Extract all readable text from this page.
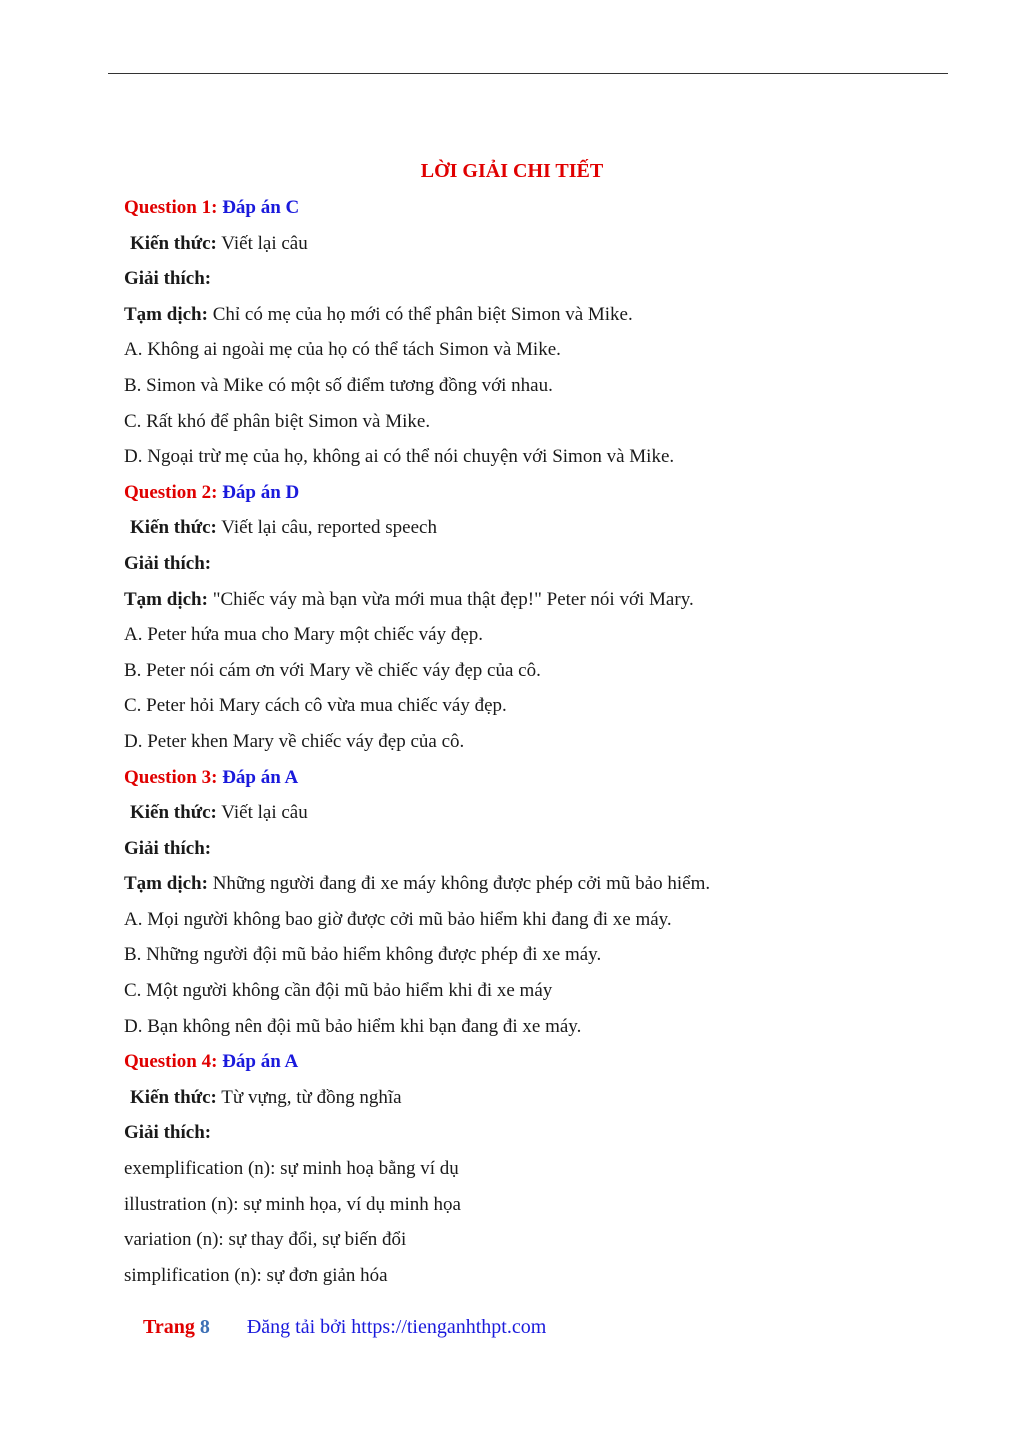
LỜI GIẢI CHI TIẾT
Question 1: Đáp án C
Kiến thức: Viết lại câu
Giải thích:
Tạm dịch: Chỉ có mẹ của họ mới có thể phân biệt Simon và Mike.
A. Không ai ngoài mẹ của họ có thể tách Simon và Mike.
B. Simon và Mike có một số điểm tương đồng với nhau.
C. Rất khó để phân biệt Simon và Mike.
D. Ngoại trừ mẹ của họ, không ai có thể nói chuyện với Simon và Mike.
Question 2: Đáp án D
Kiến thức: Viết lại câu, reported speech
Giải thích:
Tạm dịch: "Chiếc váy mà bạn vừa mới mua thật đẹp!" Peter nói với Mary.
A. Peter hứa mua cho Mary một chiếc váy đẹp.
B. Peter nói cám ơn với Mary về chiếc váy đẹp của cô.
C. Peter hỏi Mary cách cô vừa mua chiếc váy đẹp.
D. Peter khen Mary về chiếc váy đẹp của cô.
Question 3: Đáp án A
Kiến thức: Viết lại câu
Giải thích:
Tạm dịch: Những người đang đi xe máy không được phép cởi mũ bảo hiểm.
A. Mọi người không bao giờ được cởi mũ bảo hiểm khi đang đi xe máy.
B. Những người đội mũ bảo hiểm không được phép đi xe máy.
C. Một người không cần đội mũ bảo hiểm khi đi xe máy
D. Bạn không nên đội mũ bảo hiểm khi bạn đang đi xe máy.
Question 4: Đáp án A
Kiến thức: Từ vựng, từ đồng nghĩa
Giải thích:
exemplification (n): sự minh hoạ bằng ví dụ
illustration (n): sự minh họa, ví dụ minh họa
variation (n): sự thay đổi, sự biến đổi
simplification (n): sự đơn giản hóa
Trang 8 Đăng tải bởi https://tienganhthpt.com
